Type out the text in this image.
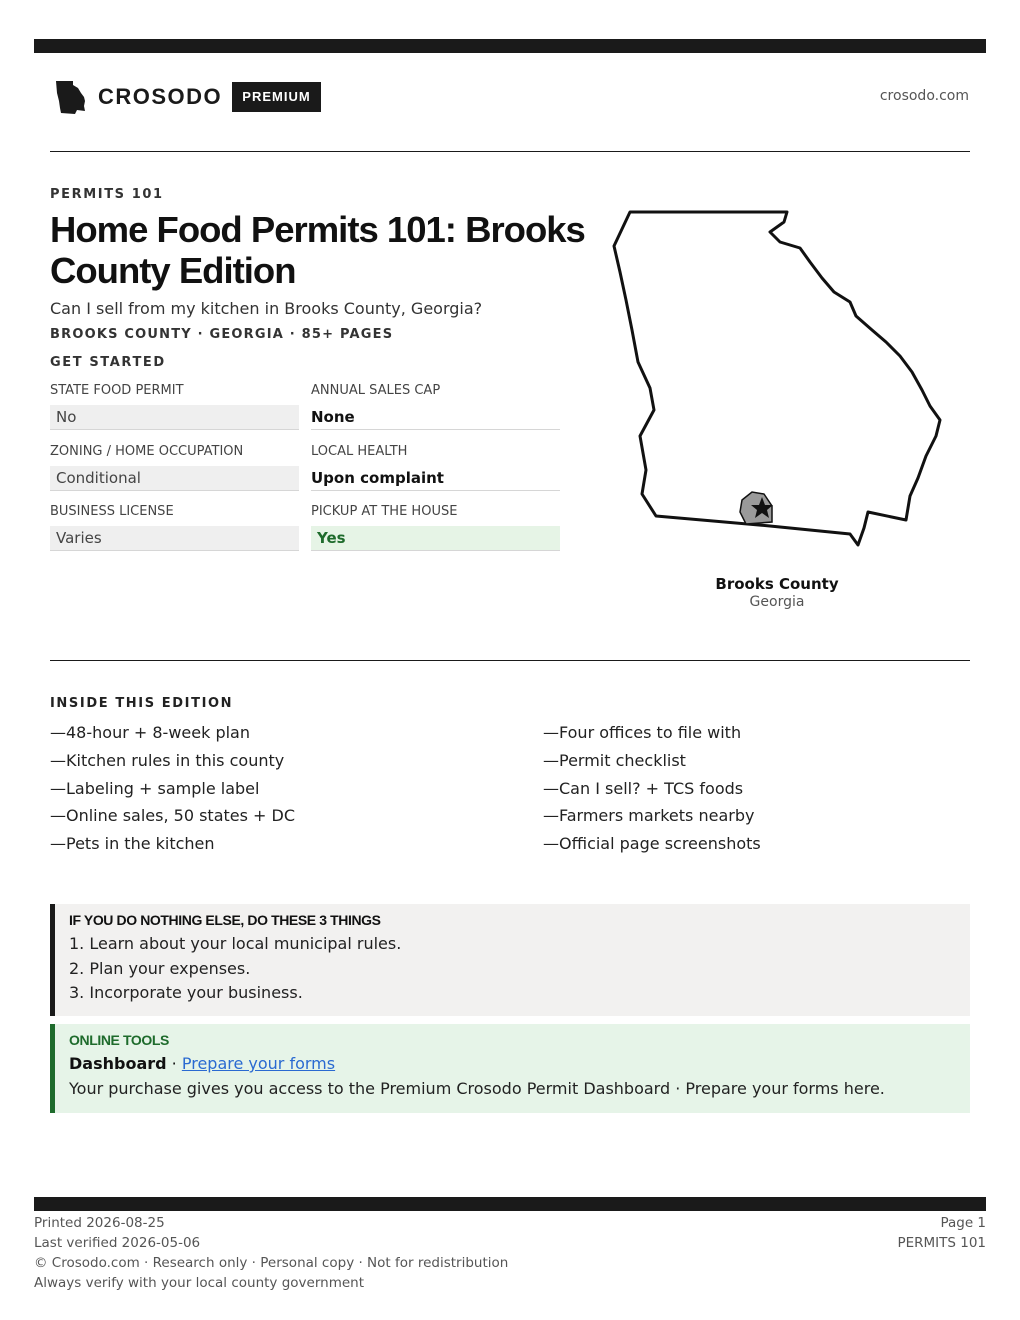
CROSODO	PREMIUM	crosodo.com
PERMITS 101
Home Food Permits 101: Brooks County Edition
Can I sell from my kitchen in Brooks County, Georgia?
BROOKS COUNTY · GEORGIA · 85+ PAGES
GET STARTED
STATE FOOD PERMIT
No
ANNUAL SALES CAP
None
ZONING / HOME OCCUPATION
Conditional
LOCAL HEALTH
Upon complaint
BUSINESS LICENSE
Varies
PICKUP AT THE HOUSE
Yes
Brooks County
Georgia
INSIDE THIS EDITION
—48-hour + 8-week plan
—Kitchen rules in this county
—Labeling + sample label
—Online sales, 50 states + DC
—Pets in the kitchen
—Four offices to file with
—Permit checklist
—Can I sell? + TCS foods
—Farmers markets nearby
—Official page screenshots
IF YOU DO NOTHING ELSE, DO THESE 3 THINGS
1. Learn about your local municipal rules.
2. Plan your expenses.
3. Incorporate your business.
ONLINE TOOLS
Dashboard · Prepare your forms
Your purchase gives you access to the Premium Crosodo Permit Dashboard · Prepare your forms here.
Printed 2026-08-25
Last verified 2026-05-06
© Crosodo.com · Research only · Personal copy · Not for redistribution
Always verify with your local county government
Page 1
PERMITS 101
